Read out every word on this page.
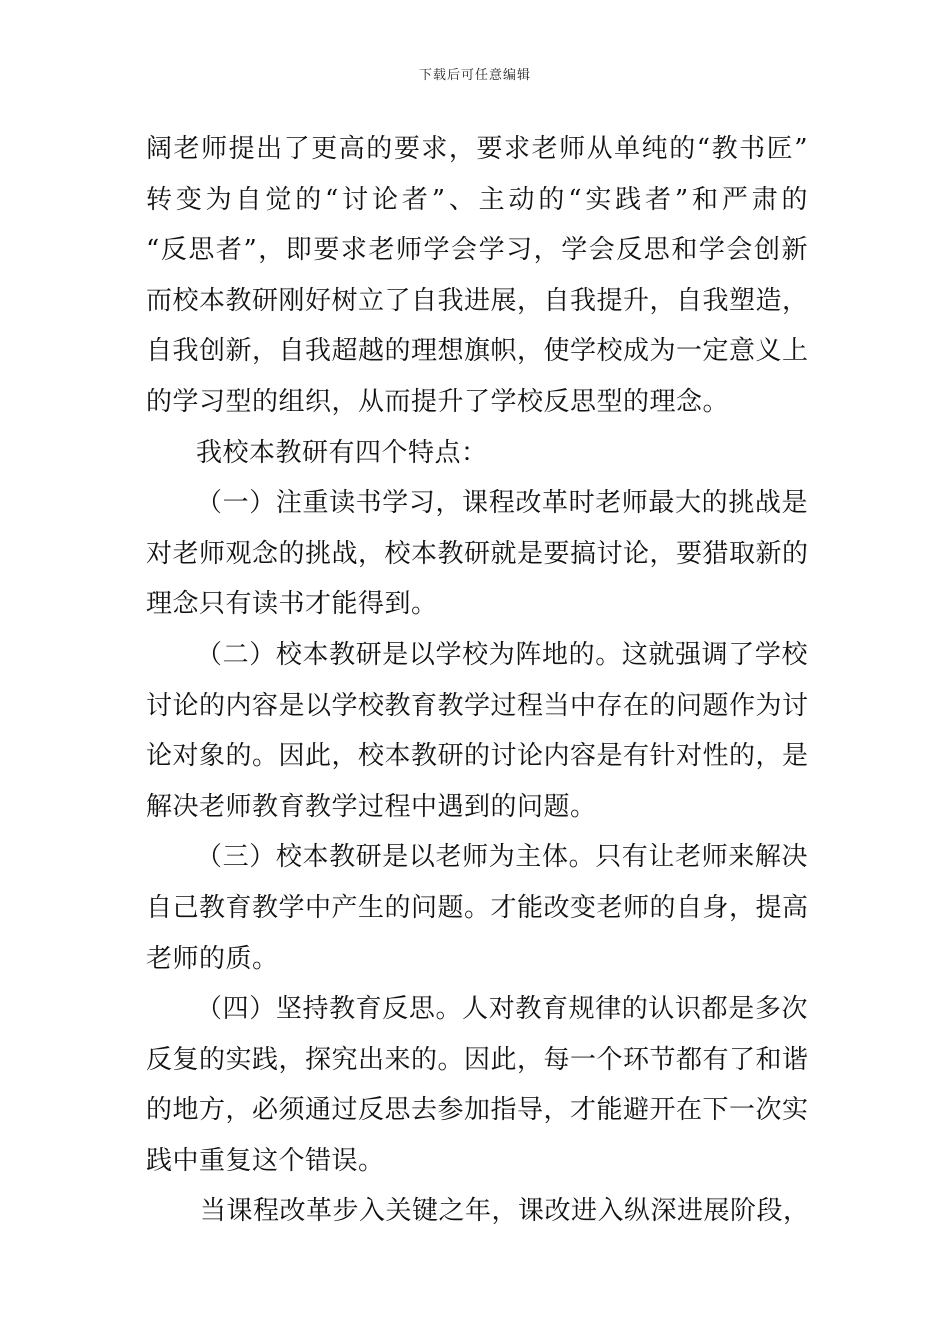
下载后可任意编辑
阔老师提出了更高的要求，要求老师从单纯的“教书匠”
转变为自觉的“讨论者”、主动的“实践者”和严肃的
“反思者”，即要求老师学会学习，学会反思和学会创新
而校本教研刚好树立了自我进展，自我提升，自我塑造，
自我创新，自我超越的理想旗帜，使学校成为一定意义上
的学习型的组织，从而提升了学校反思型的理念。
我校本教研有四个特点：
（一）注重读书学习，课程改革时老师最大的挑战是
对老师观念的挑战，校本教研就是要搞讨论，要猎取新的
理念只有读书才能得到。
（二）校本教研是以学校为阵地的。这就强调了学校
讨论的内容是以学校教育教学过程当中存在的问题作为讨
论对象的。因此，校本教研的讨论内容是有针对性的，是
解决老师教育教学过程中遇到的问题。
（三）校本教研是以老师为主体。只有让老师来解决
自己教育教学中产生的问题。才能改变老师的自身，提高
老师的质。
（四）坚持教育反思。人对教育规律的认识都是多次
反复的实践，探究出来的。因此，每一个环节都有了和谐
的地方，必须通过反思去参加指导，才能避开在下一次实
践中重复这个错误。
当课程改革步入关键之年，课改进入纵深进展阶段，
